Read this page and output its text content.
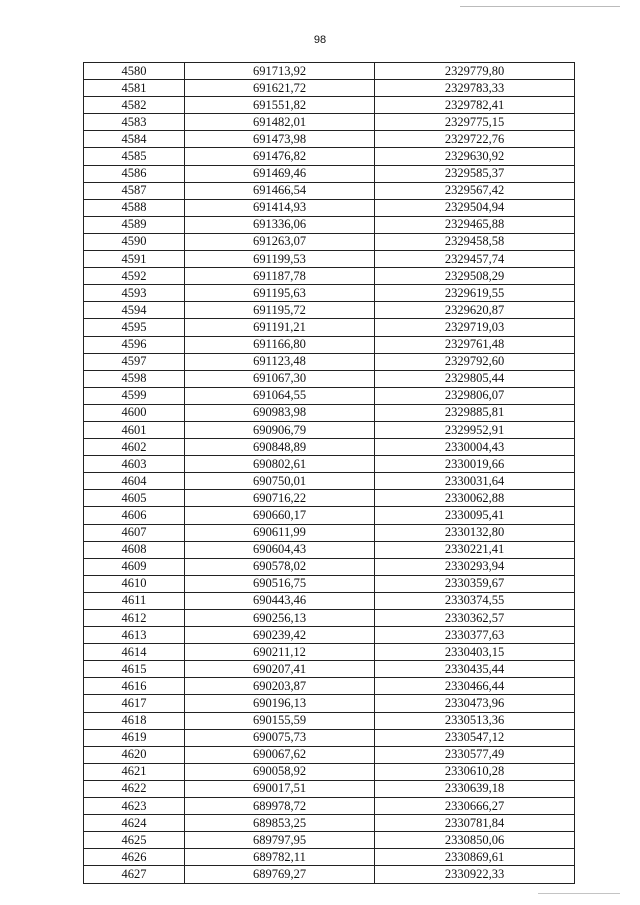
98
4580	691713,92	2329779,80
4581	691621,72	2329783,33
4582	691551,82	2329782,41
4583	691482,01	2329775,15
4584	691473,98	2329722,76
4585	691476,82	2329630,92
4586	691469,46	2329585,37
4587	691466,54	2329567,42
4588	691414,93	2329504,94
4589	691336,06	2329465,88
4590	691263,07	2329458,58
4591	691199,53	2329457,74
4592	691187,78	2329508,29
4593	691195,63	2329619,55
4594	691195,72	2329620,87
4595	691191,21	2329719,03
4596	691166,80	2329761,48
4597	691123,48	2329792,60
4598	691067,30	2329805,44
4599	691064,55	2329806,07
4600	690983,98	2329885,81
4601	690906,79	2329952,91
4602	690848,89	2330004,43
4603	690802,61	2330019,66
4604	690750,01	2330031,64
4605	690716,22	2330062,88
4606	690660,17	2330095,41
4607	690611,99	2330132,80
4608	690604,43	2330221,41
4609	690578,02	2330293,94
4610	690516,75	2330359,67
4611	690443,46	2330374,55
4612	690256,13	2330362,57
4613	690239,42	2330377,63
4614	690211,12	2330403,15
4615	690207,41	2330435,44
4616	690203,87	2330466,44
4617	690196,13	2330473,96
4618	690155,59	2330513,36
4619	690075,73	2330547,12
4620	690067,62	2330577,49
4621	690058,92	2330610,28
4622	690017,51	2330639,18
4623	689978,72	2330666,27
4624	689853,25	2330781,84
4625	689797,95	2330850,06
4626	689782,11	2330869,61
4627	689769,27	2330922,33
